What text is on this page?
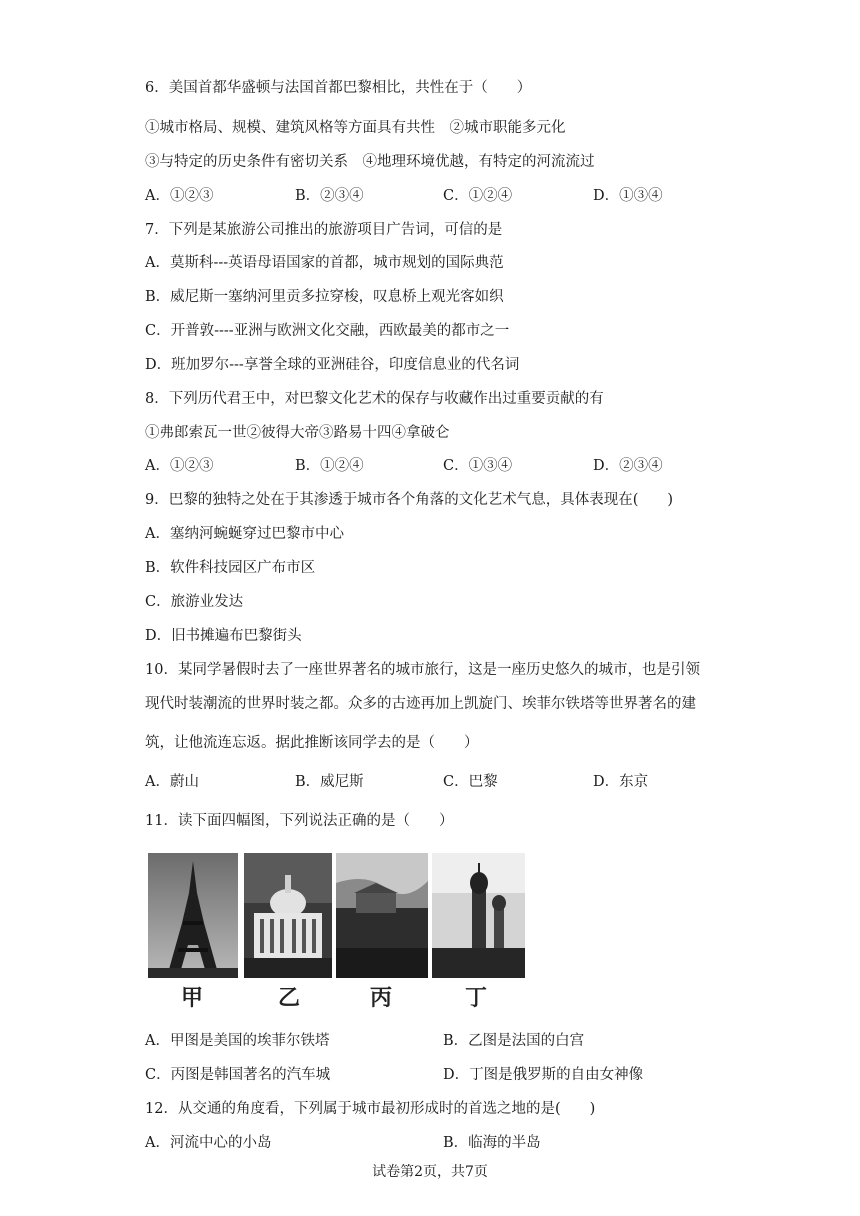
6．美国首都华盛顿与法国首都巴黎相比，共性在于（　　）
①城市格局、规模、建筑风格等方面具有共性　②城市职能多元化
③与特定的历史条件有密切关系　④地理环境优越，有特定的河流流过
A．①②③	B．②③④	C．①②④	D．①③④
7．下列是某旅游公司推出的旅游项目广告词，可信的是
A．莫斯科---英语母语国家的首都，城市规划的国际典范
B．威尼斯一塞纳河里贡多拉穿梭，叹息桥上观光客如织
C．开普敦----亚洲与欧洲文化交融，西欧最美的都市之一
D．班加罗尔---享誉全球的亚洲硅谷，印度信息业的代名词
8．下列历代君王中，对巴黎文化艺术的保存与收藏作出过重要贡献的有
①弗郎索瓦一世②彼得大帝③路易十四④拿破仑
A．①②③	B．①②④	C．①③④	D．②③④
9．巴黎的独特之处在于其渗透于城市各个角落的文化艺术气息，具体表现在(　　)
A．塞纳河蜿蜒穿过巴黎市中心
B．软件科技园区广布市区
C．旅游业发达
D．旧书摊遍布巴黎街头
10．某同学暑假时去了一座世界著名的城市旅行，这是一座历史悠久的城市，也是引领
现代时装潮流的世界时装之都。众多的古迹再加上凯旋门、埃菲尔铁塔等世界著名的建
筑，让他流连忘返。据此推断该同学去的是（　　）
A．蔚山	B．威尼斯	C．巴黎	D．东京
11．读下面四幅图，下列说法正确的是（　　）
甲	乙	丙	丁
A．甲图是美国的埃菲尔铁塔	B．乙图是法国的白宫
C．丙图是韩国著名的汽车城	D．丁图是俄罗斯的自由女神像
12．从交通的角度看，下列属于城市最初形成时的首选之地的是(　　)
A．河流中心的小岛	B．临海的半岛
试卷第2页，共7页
